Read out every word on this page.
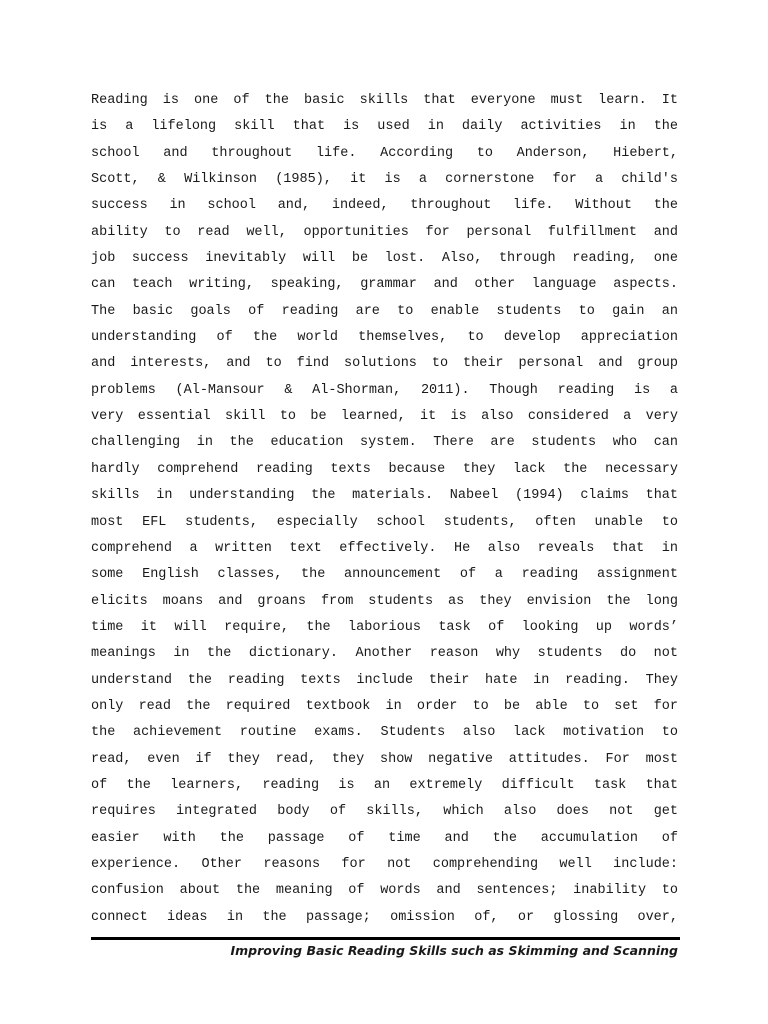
Reading is one of the basic skills that everyone must learn. It
is a lifelong skill that is used in daily activities in the
school and throughout life. According to Anderson, Hiebert,
Scott, & Wilkinson (1985), it is a cornerstone for a child's
success in school and, indeed, throughout life. Without the
ability to read well, opportunities for personal fulfillment and
job success inevitably will be lost. Also, through reading, one
can teach writing, speaking, grammar and other language aspects.
The basic goals of reading are to enable students to gain an
understanding of the world themselves, to develop appreciation
and interests, and to find solutions to their personal and group
problems (Al-Mansour & Al-Shorman, 2011). Though reading is a
very essential skill to be learned, it is also considered a very
challenging in the education system. There are students who can
hardly comprehend reading texts because they lack the necessary
skills in understanding the materials. Nabeel (1994) claims that
most EFL students, especially school students, often unable to
comprehend a written text effectively. He also reveals that in
some English classes, the announcement of a reading assignment
elicits moans and groans from students as they envision the long
time it will require, the laborious task of looking up words’
meanings in the dictionary. Another reason why students do not
understand the reading texts include their hate in reading. They
only read the required textbook in order to be able to set for
the achievement routine exams. Students also lack motivation to
read, even if they read, they show negative attitudes. For most
of the learners, reading is an extremely difficult task that
requires integrated body of skills, which also does not get
easier with the passage of time and the accumulation of
experience. Other reasons for not comprehending well include:
confusion about the meaning of words and sentences; inability to
connect ideas in the passage; omission of, or glossing over,
Improving Basic Reading Skills such as Skimming and Scanning
